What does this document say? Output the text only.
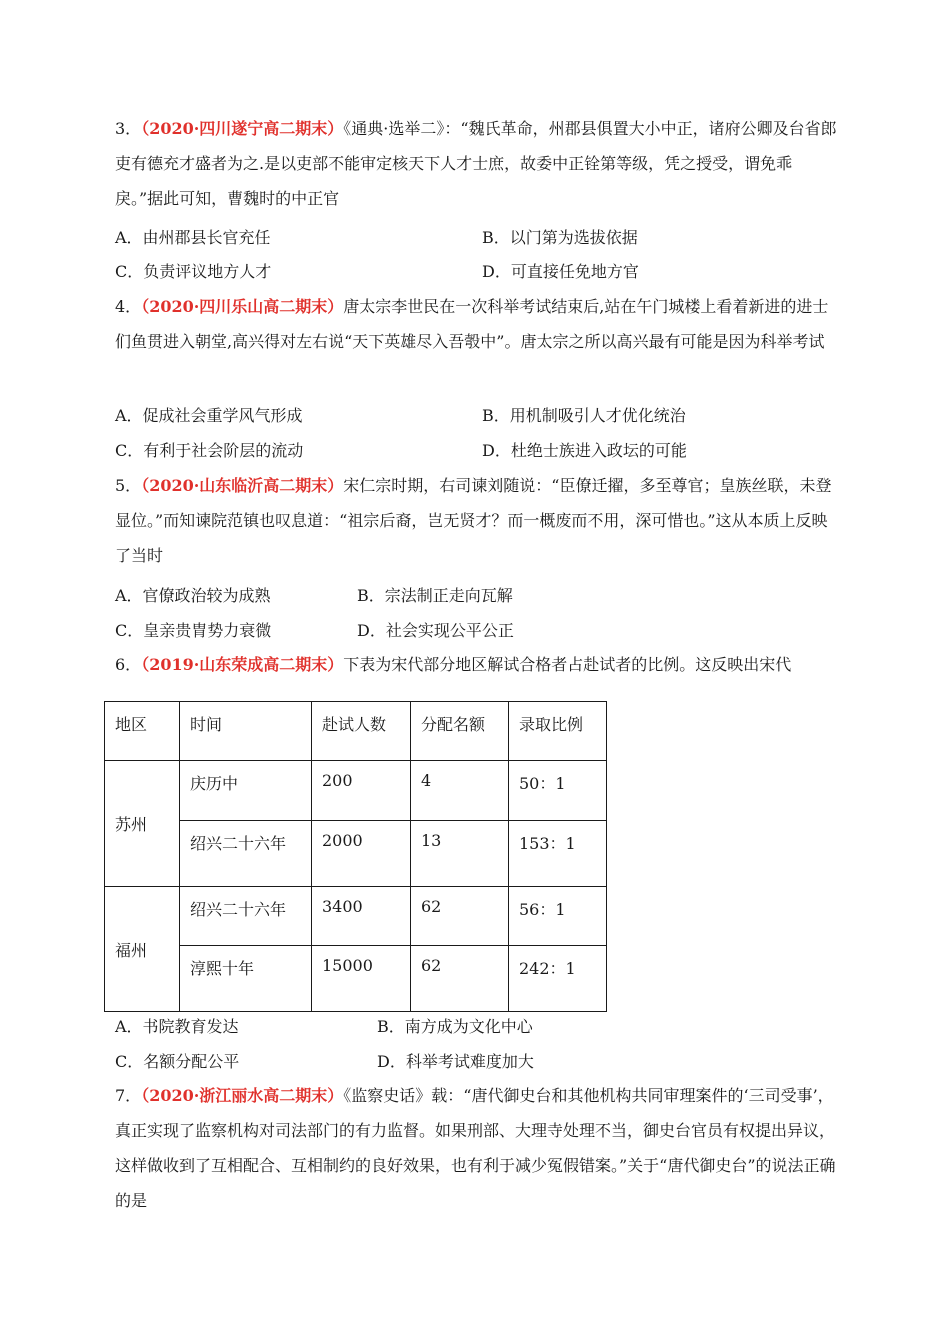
3．（2020·四川遂宁高二期末）《通典·选举二》：“魏氏革命，州郡县俱置大小中正，诸府公卿及台省郎吏有德充才盛者为之.是以吏部不能审定核天下人才士庶，故委中正铨第等级，凭之授受，谓免乖戾。”据此可知，曹魏时的中正官

A．由州郡县长官充任	B．以门第为选拔依据
C．负责评议地方人才	D．可直接任免地方官

4．（2020·四川乐山高二期末）唐太宗李世民在一次科举考试结束后,站在午门城楼上看着新进的进士们鱼贯进入朝堂,高兴得对左右说“天下英雄尽入吾彀中”。唐太宗之所以高兴最有可能是因为科举考试

A．促成社会重学风气形成	B．用机制吸引人才优化统治
C．有利于社会阶层的流动	D．杜绝士族进入政坛的可能

5．（2020·山东临沂高二期末）宋仁宗时期，右司谏刘随说：“臣僚迁擢，多至尊官；皇族丝联，未登显位。”而知谏院范镇也叹息道：“祖宗后裔，岂无贤才？而一概废而不用，深可惜也。”这从本质上反映了当时

A．官僚政治较为成熟	B．宗法制正走向瓦解
C．皇亲贵胄势力衰微	D．社会实现公平公正

6．（2019·山东荣成高二期末）下表为宋代部分地区解试合格者占赴试者的比例。这反映出宋代

地区	时间	赴试人数	分配名额	录取比例
苏州	庆历中	200	4	50：1
	绍兴二十六年	2000	13	153：1
福州	绍兴二十六年	3400	62	56：1
	淳熙十年	15000	62	242：1
A．书院教育发达	B．南方成为文化中心
C．名额分配公平	D．科举考试难度加大

7．（2020·浙江丽水高二期末）《监察史话》载：“唐代御史台和其他机构共同审理案件的‘三司受事’，真正实现了监察机构对司法部门的有力监督。如果刑部、大理寺处理不当，御史台官员有权提出异议，这样做收到了互相配合、互相制约的良好效果，也有利于减少冤假错案。”关于“唐代御史台”的说法正确的是
